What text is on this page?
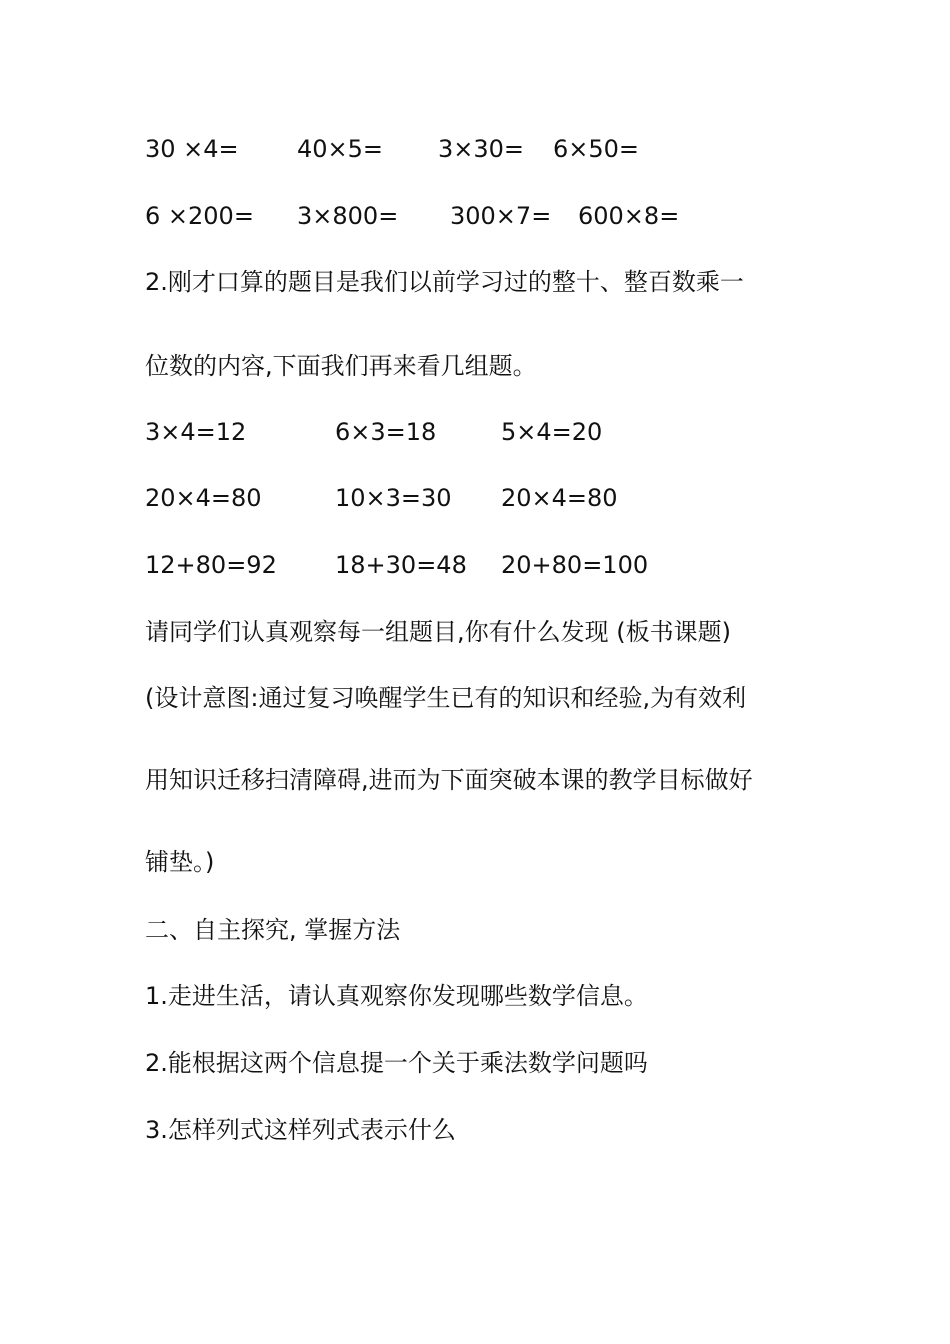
30 ×4= 40×5= 3×30= 6×50=
6 ×200= 3×800= 300×7= 600×8=
2.刚才口算的题目是我们以前学习过的整十、整百数乘一
位数的内容,下面我们再来看几组题。
3×4=12	6×3=18	5×4=20
20×4=80	10×3=30 20×4=80
12+80=92 18+30=48 20+80=100
请同学们认真观察每一组题目,你有什么发现 (板书课题)
(设计意图:通过复习唤醒学生已有的知识和经验,为有效利
用知识迁移扫清障碍,进而为下面突破本课的教学目标做好
铺垫。)
二、自主探究, 掌握方法
1.走进生活，请认真观察你发现哪些数学信息。
2.能根据这两个信息提一个关于乘法数学问题吗
3.怎样列式这样列式表示什么
